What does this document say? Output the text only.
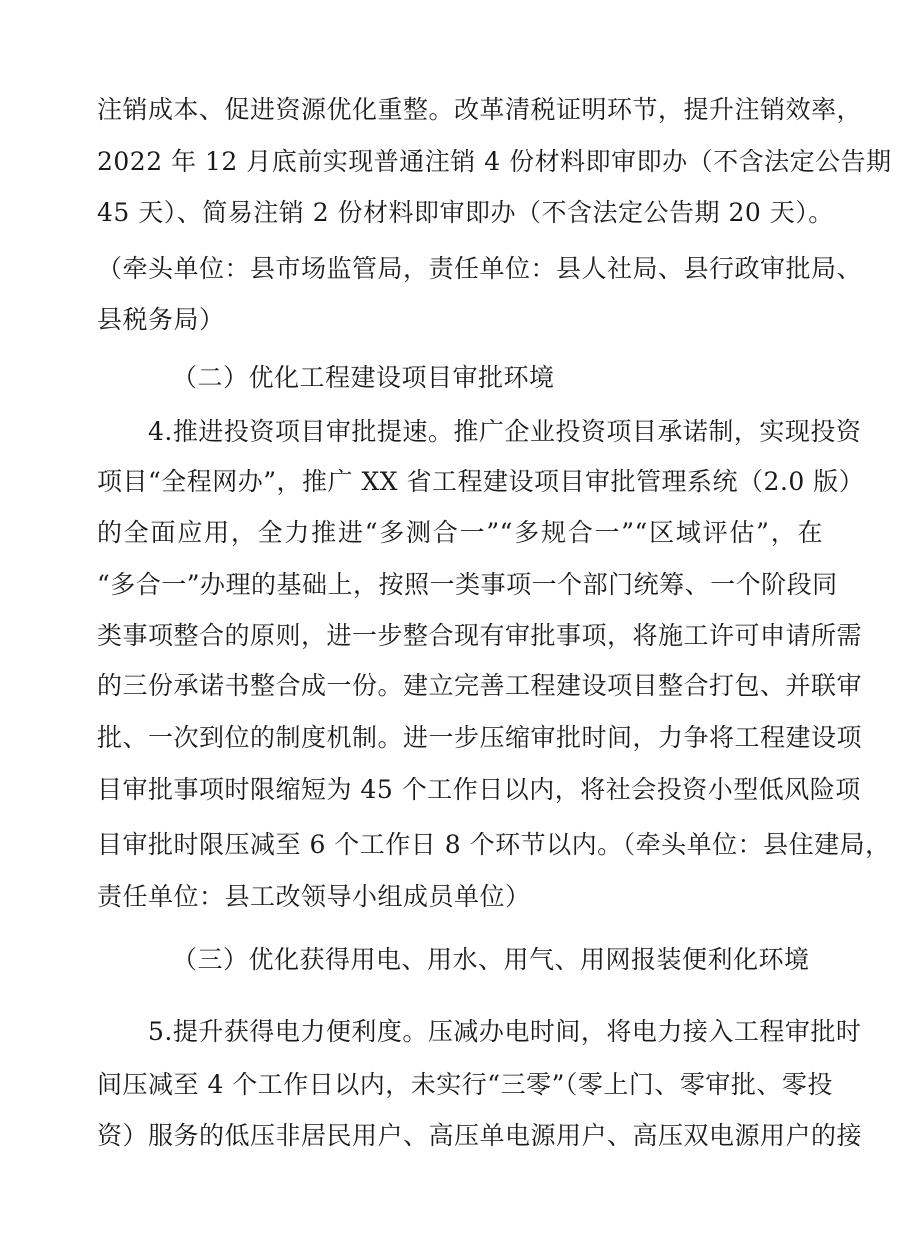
注销成本、促进资源优化重整。改革清税证明环节，提升注销效率，
2022 年 12 月底前实现普通注销 4 份材料即审即办（不含法定公告期
45 天）、简易注销 2 份材料即审即办（不含法定公告期 20 天）。
（牵头单位：县市场监管局，责任单位：县人社局、县行政审批局、
县税务局）
（二）优化工程建设项目审批环境
4.推进投资项目审批提速。推广企业投资项目承诺制，实现投资
项目“全程网办”，推广 XX 省工程建设项目审批管理系统（2.0 版）
的全面应用，全力推进“多测合一”“多规合一”“区域评估”，在
“多合一”办理的基础上，按照一类事项一个部门统筹、一个阶段同
类事项整合的原则，进一步整合现有审批事项，将施工许可申请所需
的三份承诺书整合成一份。建立完善工程建设项目整合打包、并联审
批、一次到位的制度机制。进一步压缩审批时间，力争将工程建设项
目审批事项时限缩短为 45 个工作日以内，将社会投资小型低风险项
目审批时限压减至 6 个工作日 8 个环节以内。（牵头单位：县住建局，
责任单位：县工改领导小组成员单位）
（三）优化获得用电、用水、用气、用网报装便利化环境
5.提升获得电力便利度。压减办电时间，将电力接入工程审批时
间压减至 4 个工作日以内，未实行“三零”（零上门、零审批、零投
资）服务的低压非居民用户、高压单电源用户、高压双电源用户的接
